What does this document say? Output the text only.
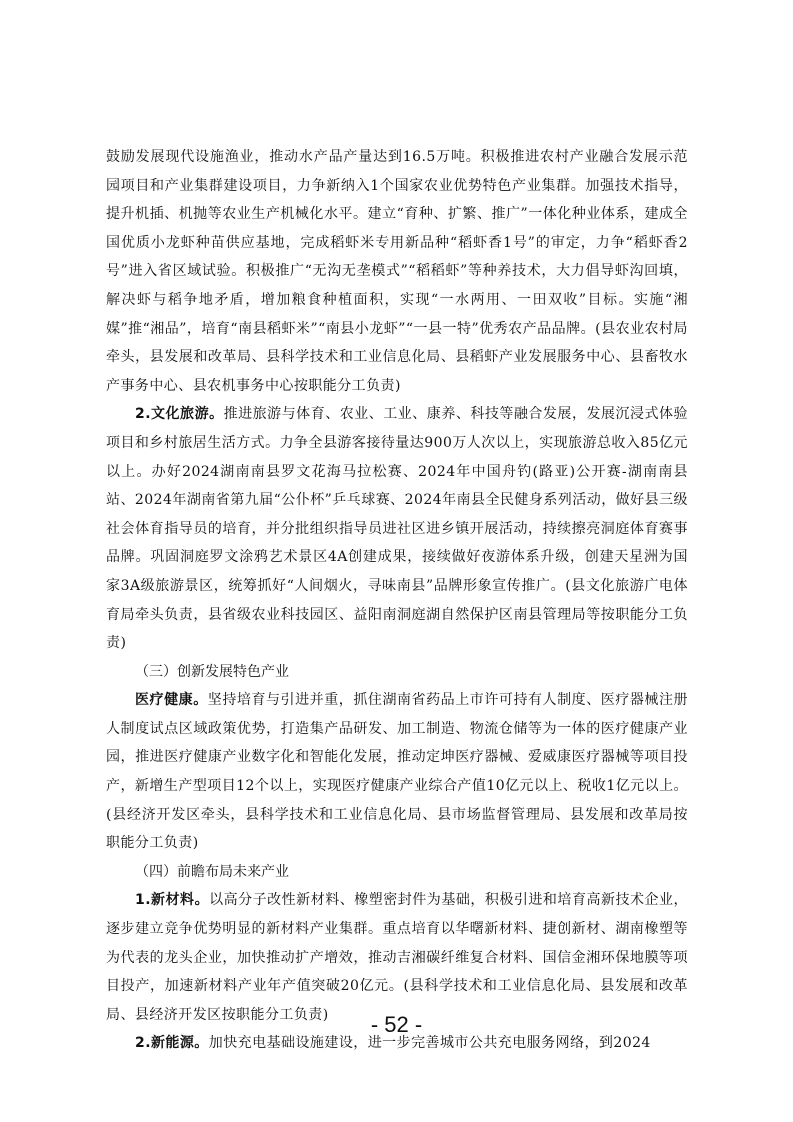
鼓励发展现代设施渔业，推动水产品产量达到16.5万吨。积极推进农村产业融合发展示范园项目和产业集群建设项目，力争新纳入1个国家农业优势特色产业集群。加强技术指导，提升机插、机抛等农业生产机械化水平。建立“育种、扩繁、推广”一体化种业体系，建成全国优质小龙虾种苗供应基地，完成稻虾米专用新品种“稻虾香1号”的审定，力争“稻虾香2号”进入省区域试验。积极推广“无沟无垄模式”“稻稻虾”等种养技术，大力倡导虾沟回填，解决虾与稻争地矛盾，增加粮食种植面积，实现“一水两用、一田双收”目标。实施“湘媒”推“湘品”，培育“南县稻虾米”“南县小龙虾”“一县一特”优秀农产品品牌。(县农业农村局牵头，县发展和改革局、县科学技术和工业信息化局、县稻虾产业发展服务中心、县畜牧水产事务中心、县农机事务中心按职能分工负责)

2.文化旅游。推进旅游与体育、农业、工业、康养、科技等融合发展，发展沉浸式体验项目和乡村旅居生活方式。力争全县游客接待量达900万人次以上，实现旅游总收入85亿元以上。办好2024湖南南县罗文花海马拉松赛、2024年中国舟钓(路亚)公开赛-湖南南县站、2024年湖南省第九届“公仆杯”乒乓球赛、2024年南县全民健身系列活动，做好县三级社会体育指导员的培育，并分批组织指导员进社区进乡镇开展活动，持续擦亮洞庭体育赛事品牌。巩固洞庭罗文涂鸦艺术景区4A创建成果，接续做好夜游体系升级，创建天星洲为国家3A级旅游景区，统筹抓好“人间烟火，寻味南县”品牌形象宣传推广。(县文化旅游广电体育局牵头负责，县省级农业科技园区、益阳南洞庭湖自然保护区南县管理局等按职能分工负责)

（三）创新发展特色产业

医疗健康。坚持培育与引进并重，抓住湖南省药品上市许可持有人制度、医疗器械注册人制度试点区域政策优势，打造集产品研发、加工制造、物流仓储等为一体的医疗健康产业园，推进医疗健康产业数字化和智能化发展，推动定坤医疗器械、爱威康医疗器械等项目投产，新增生产型项目12个以上，实现医疗健康产业综合产值10亿元以上、税收1亿元以上。(县经济开发区牵头，县科学技术和工业信息化局、县市场监督管理局、县发展和改革局按职能分工负责)

（四）前瞻布局未来产业

1.新材料。以高分子改性新材料、橡塑密封件为基础，积极引进和培育高新技术企业，逐步建立竞争优势明显的新材料产业集群。重点培育以华曙新材料、捷创新材、湖南橡塑等为代表的龙头企业，加快推动扩产增效，推动吉湘碳纤维复合材料、国信金湘环保地膜等项目投产，加速新材料产业年产值突破20亿元。(县科学技术和工业信息化局、县发展和改革局、县经济开发区按职能分工负责)

2.新能源。加快充电基础设施建设，进一步完善城市公共充电服务网络，到2024

- 52 -
